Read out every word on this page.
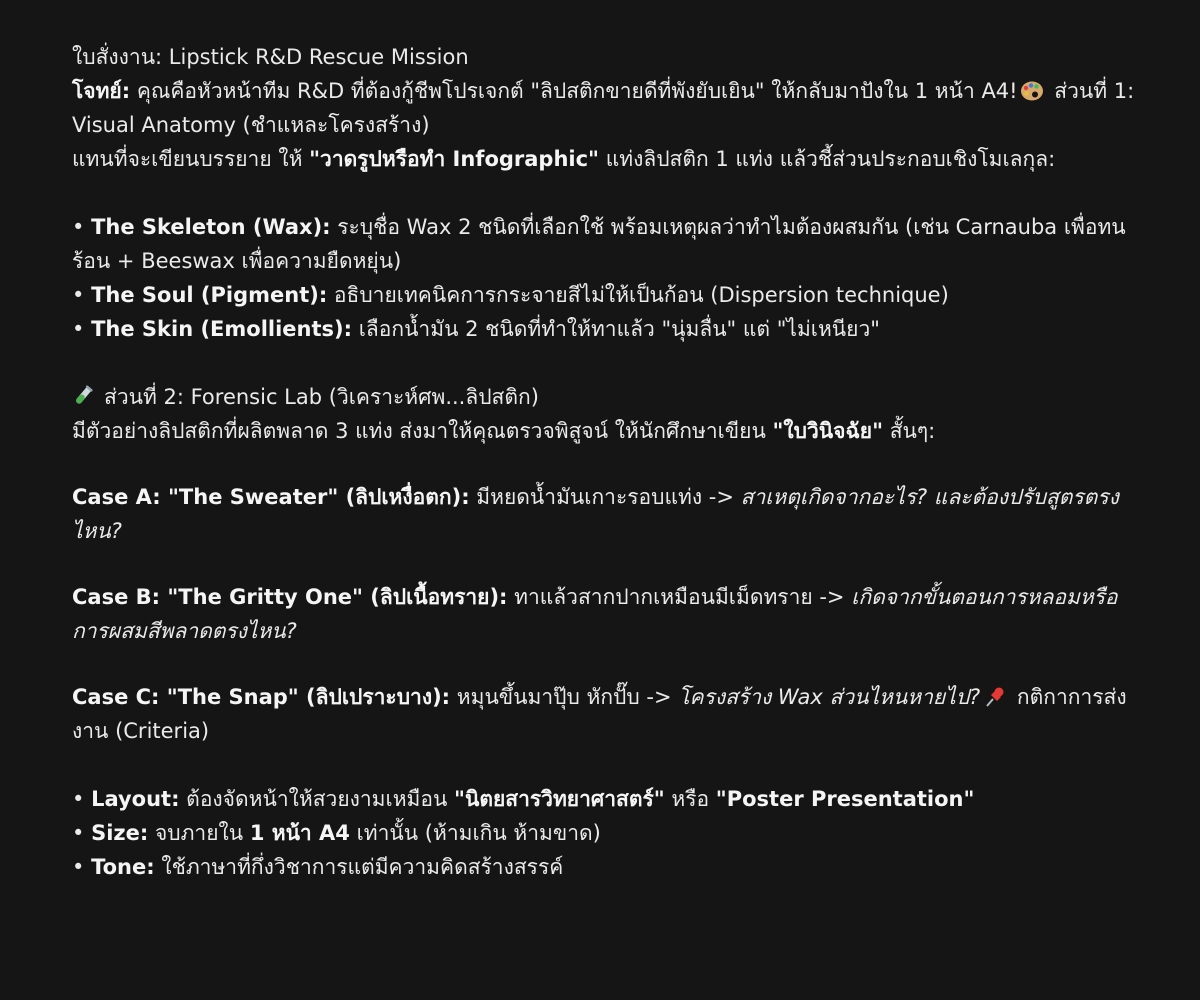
ใบสั่งงาน: Lipstick R&D Rescue Mission
โจทย์: คุณคือหัวหน้าทีม R&D ที่ต้องกู้ชีพโปรเจกต์ "ลิปสติกขายดีที่พังยับเยิน" ให้กลับมาปังใน 1 หน้า A4! ส่วนที่ 1: Visual Anatomy (ชำแหละโครงสร้าง)
แทนที่จะเขียนบรรยาย ให้ "วาดรูปหรือทำ Infographic" แท่งลิปสติก 1 แท่ง แล้วชี้ส่วนประกอบเชิงโมเลกุล:
• The Skeleton (Wax): ระบุชื่อ Wax 2 ชนิดที่เลือกใช้ พร้อมเหตุผลว่าทำไมต้องผสมกัน (เช่น Carnauba เพื่อทนร้อน + Beeswax เพื่อความยืดหยุ่น)
• The Soul (Pigment): อธิบายเทคนิคการกระจายสีไม่ให้เป็นก้อน (Dispersion technique)
• The Skin (Emollients): เลือกน้ำมัน 2 ชนิดที่ทำให้ทาแล้ว "นุ่มลื่น" แต่ "ไม่เหนียว"
ส่วนที่ 2: Forensic Lab (วิเคราะห์ศพ...ลิปสติก)
มีตัวอย่างลิปสติกที่ผลิตพลาด 3 แท่ง ส่งมาให้คุณตรวจพิสูจน์ ให้นักศึกษาเขียน "ใบวินิจฉัย" สั้นๆ:
Case A: "The Sweater" (ลิปเหงื่อตก): มีหยดน้ำมันเกาะรอบแท่ง -> สาเหตุเกิดจากอะไร? และต้องปรับสูตรตรงไหน?
Case B: "The Gritty One" (ลิปเนื้อทราย): ทาแล้วสากปากเหมือนมีเม็ดทราย -> เกิดจากขั้นตอนการหลอมหรือการผสมสีพลาดตรงไหน?
Case C: "The Snap" (ลิปเปราะบาง): หมุนขึ้นมาปุ๊บ หักปั๊บ -> โครงสร้าง Wax ส่วนไหนหายไป? กติกาการส่งงาน (Criteria)
• Layout: ต้องจัดหน้าให้สวยงามเหมือน "นิตยสารวิทยาศาสตร์" หรือ "Poster Presentation"
• Size: จบภายใน 1 หน้า A4 เท่านั้น (ห้ามเกิน ห้ามขาด)
• Tone: ใช้ภาษาที่กึ่งวิชาการแต่มีความคิดสร้างสรรค์
